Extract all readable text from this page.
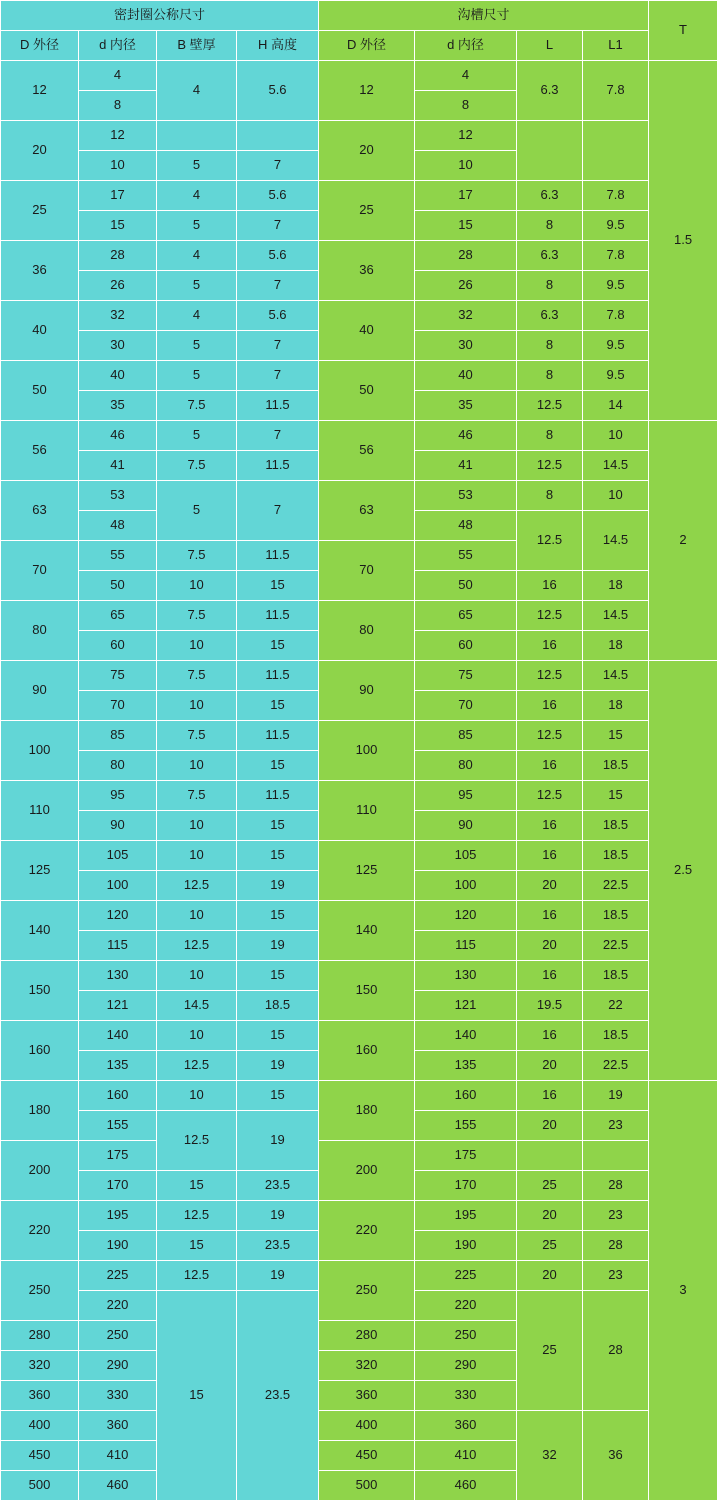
密封圈公称尺寸				沟槽尺寸				T
D 外径	d 内径	B 壁厚	H 高度	D 外径	d 内径	L	L1	
12	4	4	5.6	12	4	6.3	7.8	1.5
	8				8			
20	12			20	12			
	10	5	7		10			
25	17	4	5.6	25	17	6.3	7.8	
	15	5	7		15	8	9.5	
36	28	4	5.6	36	28	6.3	7.8	
	26	5	7		26	8	9.5	
40	32	4	5.6	40	32	6.3	7.8	
	30	5	7		30	8	9.5	
50	40	5	7	50	40	8	9.5	
	35	7.5	11.5		35	12.5	14	
56	46	5	7	56	46	8	10	2
	41	7.5	11.5		41	12.5	14.5	
63	53	5	7	63	53	8	10	
	48				48	12.5	14.5	
70	55	7.5	11.5	70	55			
	50	10	15		50	16	18	
80	65	7.5	11.5	80	65	12.5	14.5	
	60	10	15		60	16	18	
90	75	7.5	11.5	90	75	12.5	14.5	2.5
	70	10	15		70	16	18	
100	85	7.5	11.5	100	85	12.5	15	
	80	10	15		80	16	18.5	
110	95	7.5	11.5	110	95	12.5	15	
	90	10	15		90	16	18.5	
125	105	10	15	125	105	16	18.5	
	100	12.5	19		100	20	22.5	
140	120	10	15	140	120	16	18.5	
	115	12.5	19		115	20	22.5	
150	130	10	15	150	130	16	18.5	
	121	14.5	18.5		121	19.5	22	
160	140	10	15	160	140	16	18.5	
	135	12.5	19		135	20	22.5	
180	160	10	15	180	160	16	19	3
	155	12.5	19		155	20	23	
200	175			200	175			
	170	15	23.5		170	25	28	
220	195	12.5	19	220	195	20	23	
	190	15	23.5		190	25	28	
250	225	12.5	19	250	225	20	23	
	220	15	23.5		220	25	28	
280	250			280	250			
320	290			320	290			
360	330			360	330			
400	360			400	360	32	36	
450	410			450	410			
500	460			500	460			
